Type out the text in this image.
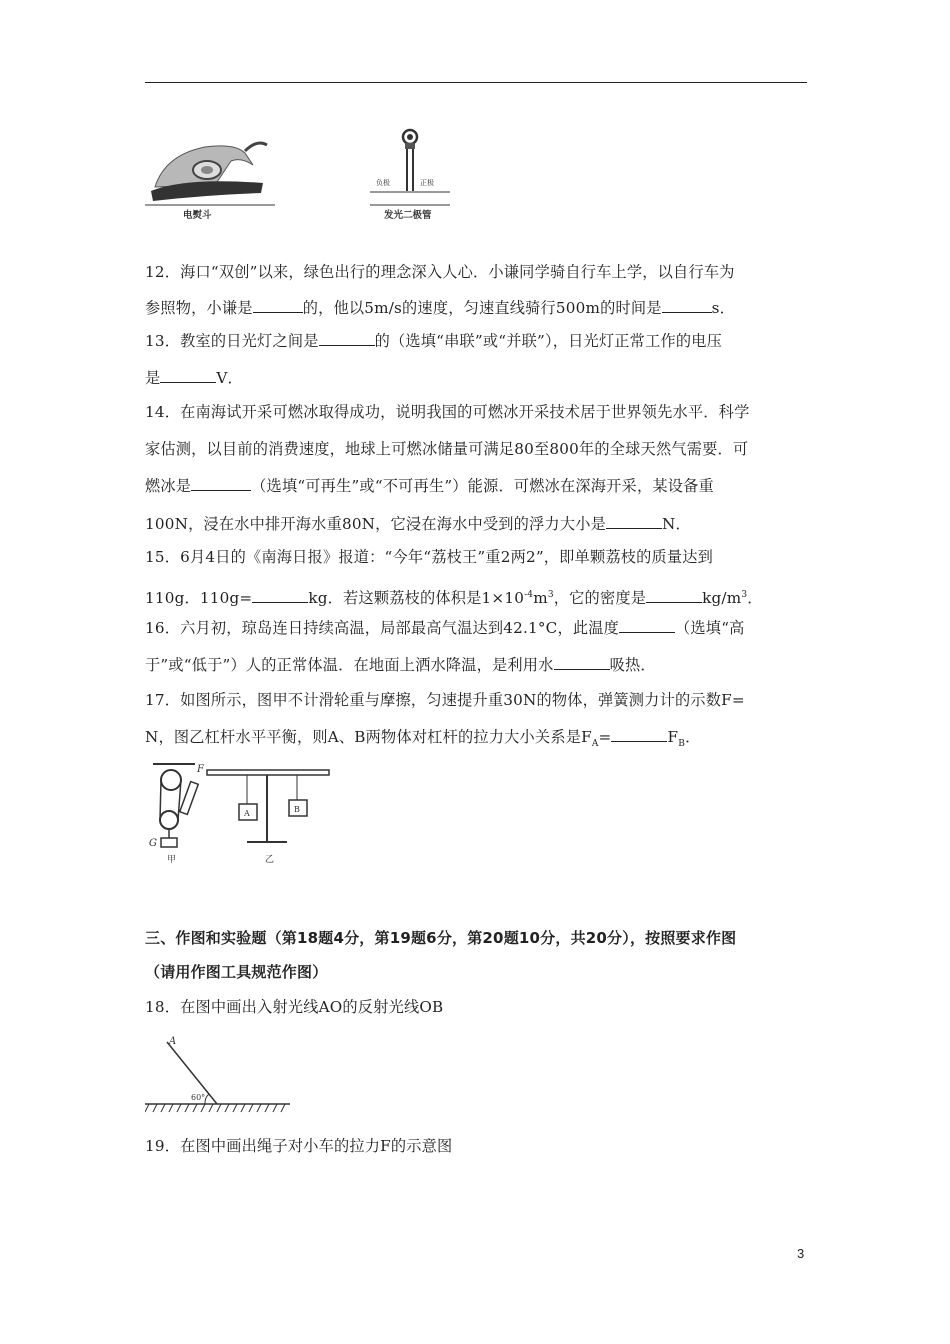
电熨斗
负极	正极
发光二极管
12．海口“双创”以来，绿色出行的理念深入人心．小谦同学骑自行车上学，以自行车为
参照物，小谦是	的，他以5m/s的速度，匀速直线骑行500m的时间是	s．
13．教室的日光灯之间是	的（选填“串联”或“并联”），日光灯正常工作的电压
是	V．
14．在南海试开采可燃冰取得成功，说明我国的可燃冰开采技术居于世界领先水平．科学
家估测，以目前的消费速度，地球上可燃冰储量可满足80至800年的全球天然气需要．可
燃冰是	（选填“可再生”或“不可再生”）能源．可燃冰在深海开采，某设备重
100N，浸在水中排开海水重80N，它浸在海水中受到的浮力大小是	N．
15．6月4日的《南海日报》报道：“今年“荔枝王”重2两2”，即单颗荔枝的质量达到
110g．110g=	kg．若这颗荔枝的体积是$1\times 10^{-4}m^3$，它的密度是	$kg/m^3$．
16．六月初，琼岛连日持续高温，局部最高气温达到42.1°C，此温度	（选填“高
于”或“低于”）人的正常体温．在地面上洒水降温，是利用水	吸热．
17．如图所示，图甲不计滑轮重与摩擦，匀速提升重30N的物体，弹簧测力计的示数F=
N，图乙杠杆水平平衡，则A、B两物体对杠杆的拉力大小关系是$F_A=$	$F_B$．
G
F
甲
A	B
乙
三、作图和实验题（第18题4分，第19题6分，第20题10分，共20分），按照要求作图
（请用作图工具规范作图）
18．在图中画出入射光线AO的反射光线OB
A
60°
19．在图中画出绳子对小车的拉力F的示意图
3
